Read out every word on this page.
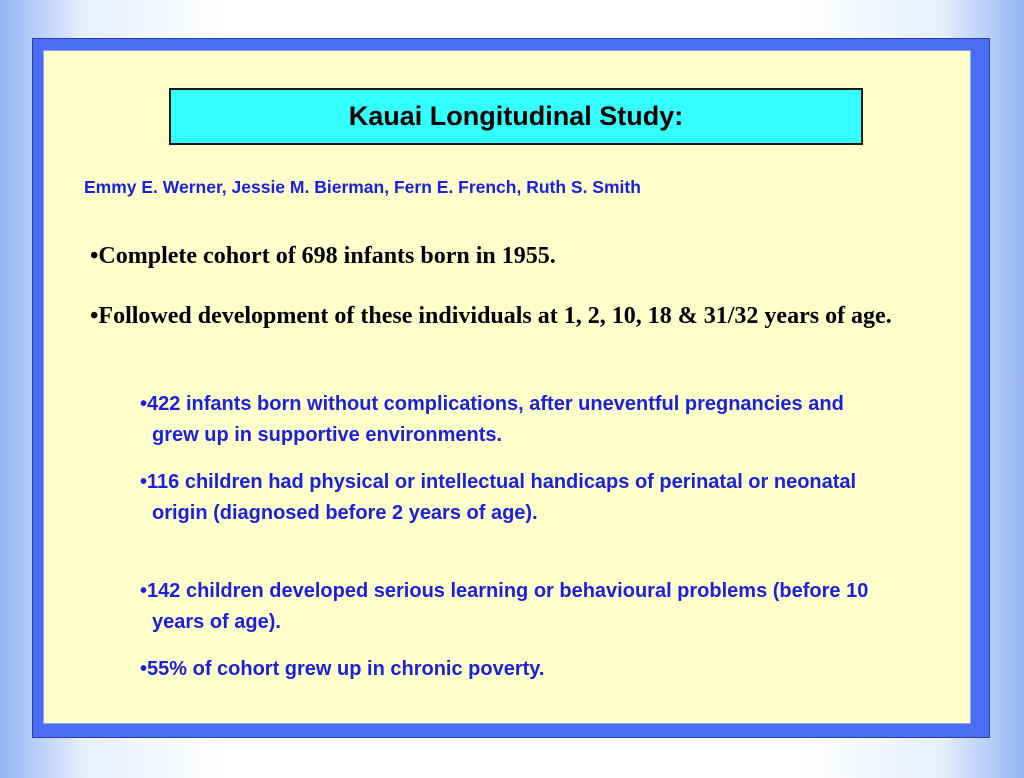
Kauai Longitudinal Study:
Emmy E. Werner, Jessie M. Bierman, Fern E. French, Ruth S. Smith
•Complete cohort of 698 infants born in 1955.
•Followed development of these individuals at 1, 2, 10, 18 & 31/32 years of age.
•422 infants born without complications, after uneventful pregnancies and grew up in supportive environments.
•116 children had physical or intellectual handicaps of perinatal or neonatal origin (diagnosed before 2 years of age).
•142 children developed serious learning or behavioural problems (before 10 years of age).
•55% of cohort grew up in chronic poverty.
